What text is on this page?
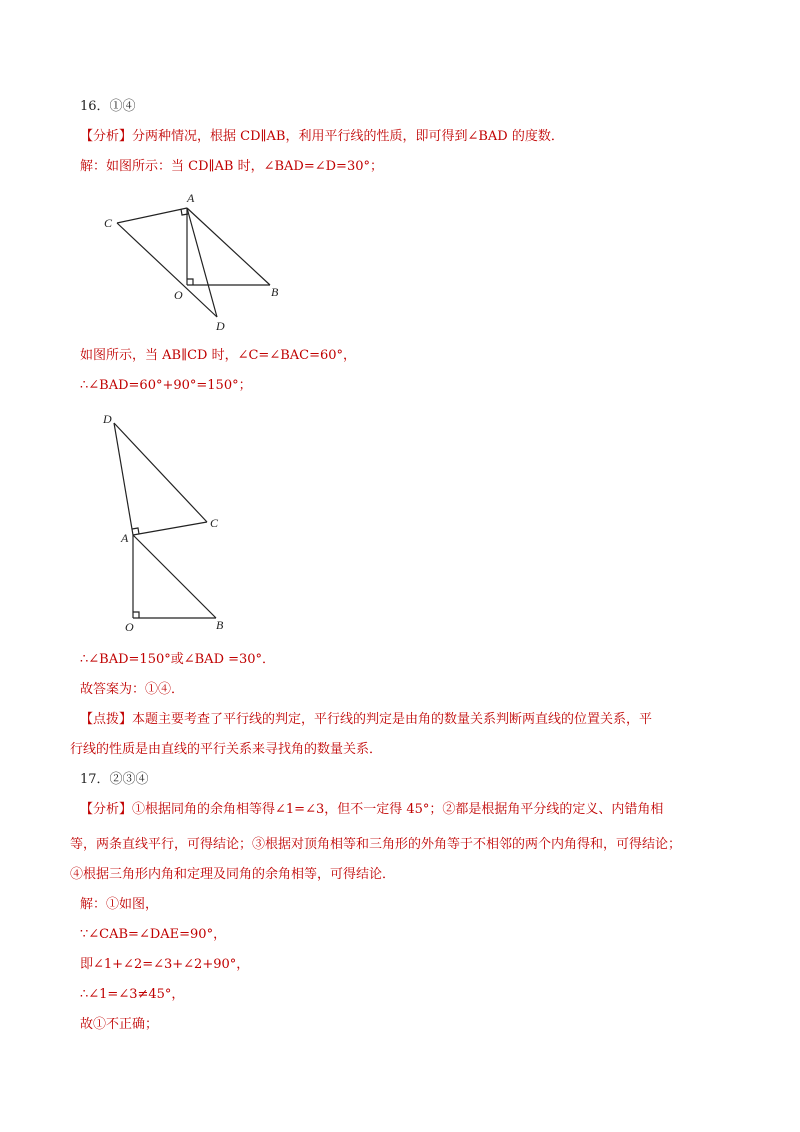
16．①④
【分析】分两种情况，根据 CD∥AB，利用平行线的性质，即可得到∠BAD 的度数．
解：如图所示：当 CD∥AB 时，∠BAD=∠D=30°；
C
A
O	B
D
如图所示，当 AB∥CD 时，∠C=∠BAC=60°，
∴∠BAD=60°+90°=150°；
D
C
A
O	B
∴∠BAD=150°或∠BAD =30°．
故答案为：①④．
【点拨】本题主要考查了平行线的判定，平行线的判定是由角的数量关系判断两直线的位置关系，平
行线的性质是由直线的平行关系来寻找角的数量关系．
17．②③④
【分析】①根据同角的余角相等得∠1=∠3，但不一定得 45°；②都是根据角平分线的定义、内错角相
等，两条直线平行，可得结论；③根据对顶角相等和三角形的外角等于不相邻的两个内角得和，可得结论；
④根据三角形内角和定理及同角的余角相等，可得结论．
解：①如图，
∵∠CAB=∠DAE=90°，
即∠1+∠2=∠3+∠2+90°，
∴∠1=∠3≠45°，
故①不正确；
